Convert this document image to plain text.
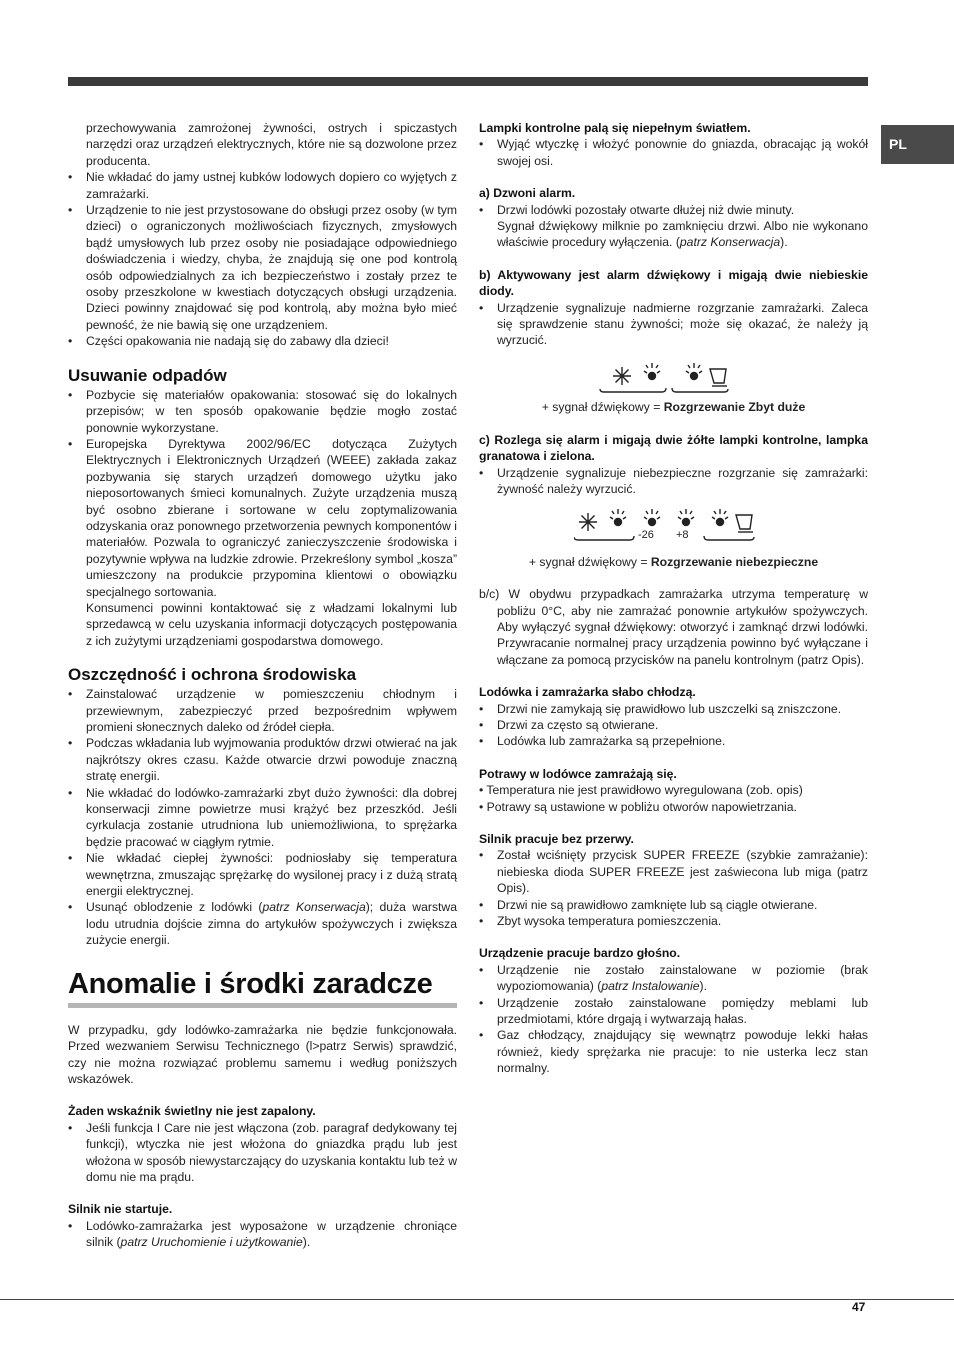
PL

przechowywania zamrożonej żywności, ostrych i spiczastych narzędzi oraz urządzeń elektrycznych, które nie są dozwolone przez producenta.

• Nie wkładać do jamy ustnej kubków lodowych dopiero co wyjętych z zamrażarki.
• Urządzenie to nie jest przystosowane do obsługi przez osoby (w tym dzieci) o ograniczonych możliwościach fizycznych, zmysłowych bądź umysłowych lub przez osoby nie posiadające odpowiedniego doświadczenia i wiedzy, chyba, że znajdują się one pod kontrolą osób odpowiedzialnych za ich bezpieczeństwo i zostały przez te osoby przeszkolone w kwestiach dotyczących obsługi urządzenia. Dzieci powinny znajdować się pod kontrolą, aby można było mieć pewność, że nie bawią się one urządzeniem.
• Części opakowania nie nadają się do zabawy dla dzieci!
Usuwanie odpadów
• Pozbycie się materiałów opakowania: stosować się do lokalnych przepisów; w ten sposób opakowanie będzie mogło zostać ponownie wykorzystane.
• Europejska Dyrektywa 2002/96/EC dotycząca Zużytych Elektrycznych i Elektronicznych Urządzeń (WEEE) zakłada zakaz pozbywania się starych urządzeń domowego użytku jako nieposortowanych śmieci komunalnych. Zużyte urządzenia muszą być osobno zbierane i sortowane w celu zoptymalizowania odzyskania oraz ponownego przetworzenia pewnych komponentów i materiałów. Pozwala to ograniczyć zanieczyszczenie środowiska i pozytywnie wpływa na ludzkie zdrowie. Przekreślony symbol „kosza” umieszczony na produkcie przypomina klientowi o obowiązku specjalnego sortowania.

Konsumenci powinni kontaktować się z władzami lokalnymi lub sprzedawcą w celu uzyskania informacji dotyczących postępowania z ich zużytymi urządzeniami gospodarstwa domowego.

Oszczędność i ochrona środowiska
• Zainstalować urządzenie w pomieszczeniu chłodnym i przewiewnym, zabezpieczyć przed bezpośrednim wpływem promieni słonecznych daleko od źródeł ciepła.
• Podczas wkładania lub wyjmowania produktów drzwi otwierać na jak najkrótszy okres czasu. Każde otwarcie drzwi powoduje znaczną stratę energii.
• Nie wkładać do lodówko-zamrażarki zbyt dużo żywności: dla dobrej konserwacji zimne powietrze musi krążyć bez przeszkód. Jeśli cyrkulacja zostanie utrudniona lub uniemożliwiona, to sprężarka będzie pracować w ciągłym rytmie.
• Nie wkładać ciepłej żywności: podniosłaby się temperatura wewnętrzna, zmuszając sprężarkę do wysilonej pracy i z dużą stratą energii elektrycznej.
• Usunąć oblodzenie z lodówki (patrz Konserwacja); duża warstwa lodu utrudnia dojście zimna do artykułów spożywczych i zwiększa zużycie energii.
Anomalie i środki zaradcze

W przypadku, gdy lodówko-zamrażarka nie będzie funkcjonowała. Przed wezwaniem Serwisu Technicznego (l>patrz Serwis) sprawdzić, czy nie można rozwiązać problemu samemu i według poniższych wskazówek.

Żaden wskaźnik świetlny nie jest zapalony.
• Jeśli funkcja I Care nie jest włączona (zob. paragraf dedykowany tej funkcji), wtyczka nie jest włożona do gniazdka prądu lub jest włożona w sposób niewystarczający do uzyskania kontaktu lub też w domu nie ma prądu.
Silnik nie startuje.
• Lodówko-zamrażarka jest wyposażone w urządzenie chroniące silnik (patrz Uruchomienie i użytkowanie).
Lampki kontrolne palą się niepełnym światłem.
• Wyjąć wtyczkę i włożyć ponownie do gniazda, obracając ją wokół swojej osi.
a) Dzwoni alarm.
• Drzwi lodówki pozostały otwarte dłużej niż dwie minuty.

Sygnał dźwiękowy milknie po zamknięciu drzwi. Albo nie wykonano właściwie procedury wyłączenia. (patrz Konserwacja).

b) Aktywowany jest alarm dźwiękowy i migają dwie niebieskie diody.
• Urządzenie sygnalizuje nadmierne rozgrzanie zamrażarki. Zaleca się sprawdzenie stanu żywności; może się okazać, że należy ją wyrzucić.

+ sygnał dźwiękowy = Rozgrzewanie Zbyt duże

c) Rozlega się alarm i migają dwie żółte lampki kontrolne, lampka granatowa i zielona.
• Urządzenie sygnalizuje niebezpieczne rozgrzanie się zamrażarki: żywność należy wyrzucić.
-26 +8

+ sygnał dźwiękowy = Rozgrzewanie niebezpieczne

b/c) W obydwu przypadkach zamrażarka utrzyma temperaturę w pobliżu 0°C, aby nie zamrażać ponownie artykułów spożywczych. Aby wyłączyć sygnał dźwiękowy: otworzyć i zamknąć drzwi lodówki. Przywracanie normalnej pracy urządzenia powinno być wyłączane i włączane za pomocą przycisków na panelu kontrolnym (patrz Opis).

Lodówka i zamrażarka słabo chłodzą.
• Drzwi nie zamykają się prawidłowo lub uszczelki są zniszczone.
• Drzwi za często są otwierane.
• Lodówka lub zamrażarka są przepełnione.
Potrawy w lodówce zamrażają się.
• Temperatura nie jest prawidłowo wyregulowana (zob. opis)
• Potrawy są ustawione w pobliżu otworów napowietrzania.
Silnik pracuje bez przerwy.
• Został wciśnięty przycisk SUPER FREEZE (szybkie zamrażanie): niebieska dioda SUPER FREEZE jest zaświecona lub miga (patrz Opis).
• Drzwi nie są prawidłowo zamknięte lub są ciągle otwierane.
• Zbyt wysoka temperatura pomieszczenia.
Urządzenie pracuje bardzo głośno.
• Urządzenie nie zostało zainstalowane w poziomie (brak wypoziomowania) (patrz Instalowanie).
• Urządzenie zostało zainstalowane pomiędzy meblami lub przedmiotami, które drgają i wytwarzają hałas.
• Gaz chłodzący, znajdujący się wewnątrz powoduje lekki hałas również, kiedy sprężarka nie pracuje: to nie usterka lecz stan normalny.
47
